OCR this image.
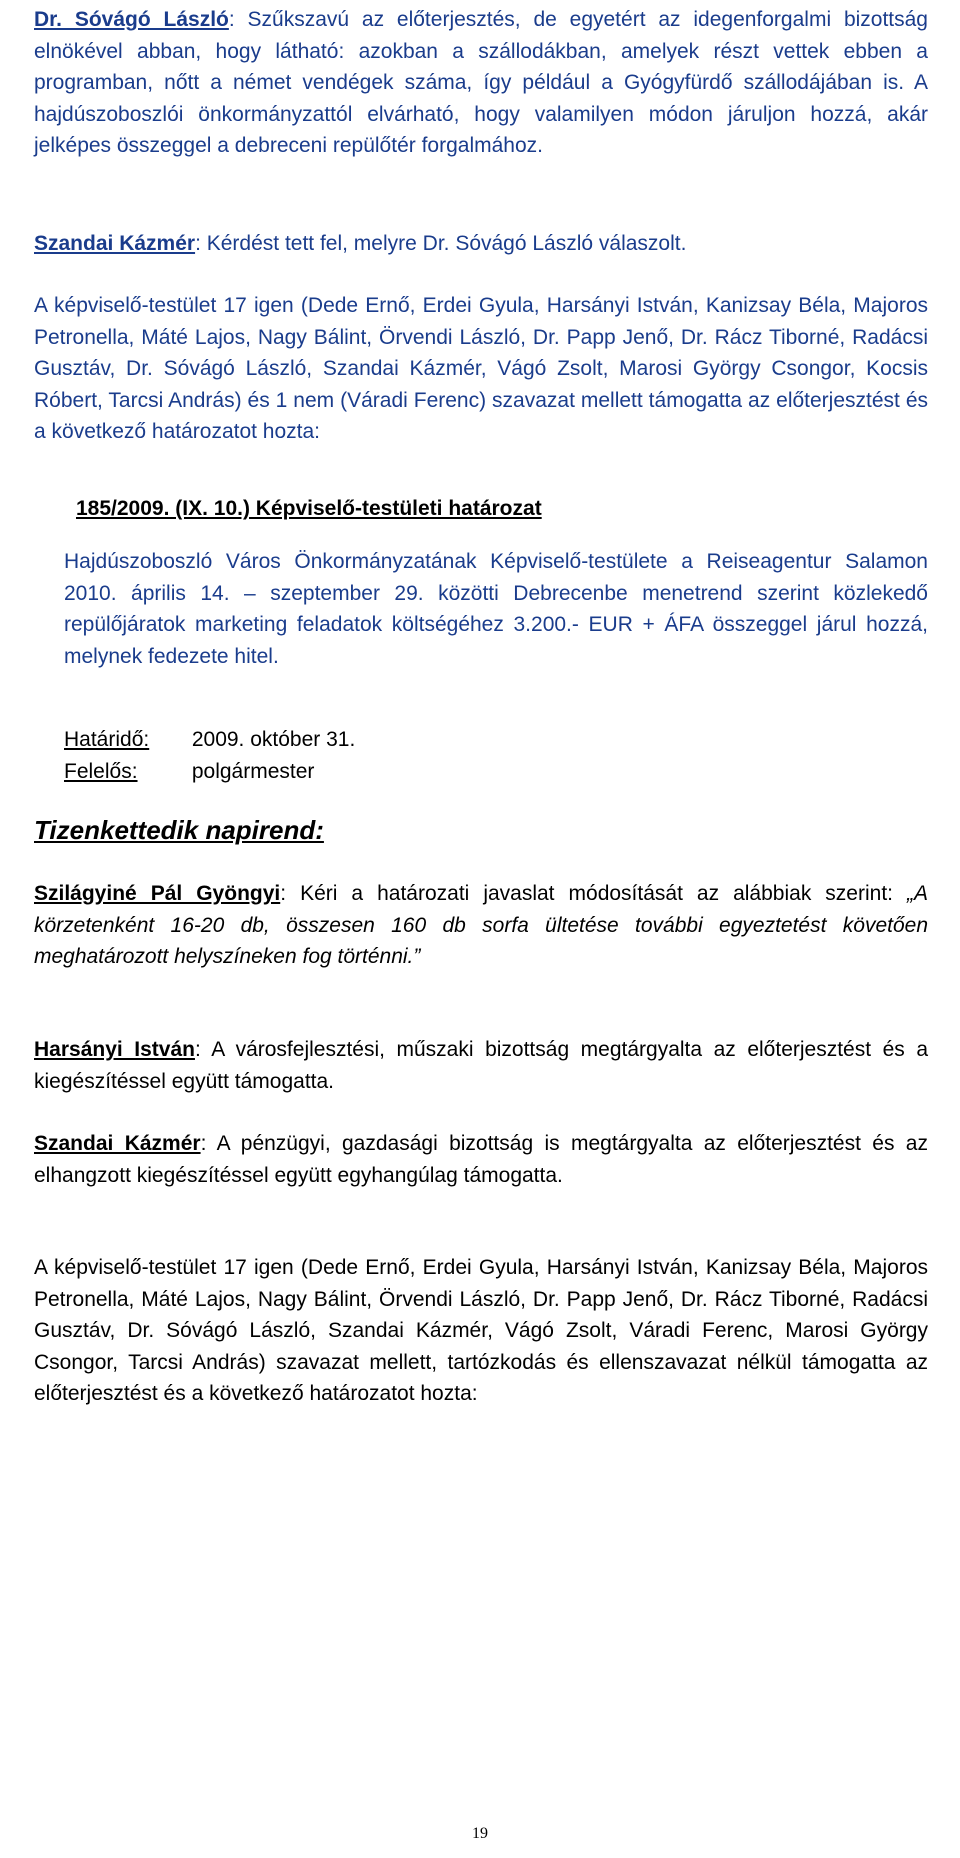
Dr. Sóvágó László: Szűkszavú az előterjesztés, de egyetért az idegenforgalmi bizottság elnökével abban, hogy látható: azokban a szállodákban, amelyek részt vettek ebben a programban, nőtt a német vendégek száma, így például a Gyógyfürdő szállodájában is. A hajdúszoboszlói önkormányzattól elvárható, hogy valamilyen módon járuljon hozzá, akár jelképes összeggel a debreceni repülőtér forgalmához.

Szandai Kázmér: Kérdést tett fel, melyre Dr. Sóvágó László válaszolt.

A képviselő-testület 17 igen (Dede Ernő, Erdei Gyula, Harsányi István, Kanizsay Béla, Majoros Petronella, Máté Lajos, Nagy Bálint, Örvendi László, Dr. Papp Jenő, Dr. Rácz Tiborné, Radácsi Gusztáv, Dr. Sóvágó László, Szandai Kázmér, Vágó Zsolt, Marosi György Csongor, Kocsis Róbert, Tarcsi András) és 1 nem (Váradi Ferenc) szavazat mellett támogatta az előterjesztést és a következő határozatot hozta:

185/2009. (IX. 10.) Képviselő-testületi határozat

Hajdúszoboszló Város Önkormányzatának Képviselő-testülete a Reiseagentur Salamon 2010. április 14. – szeptember 29. közötti Debrecenbe menetrend szerint közlekedő repülőjáratok marketing feladatok költségéhez 3.200.- EUR + ÁFA összeggel járul hozzá, melynek fedezete hitel.

Határidő: 2009. október 31.
Felelős:	polgármester
Tizenkettedik napirend:

Szilágyiné Pál Gyöngyi: Kéri a határozati javaslat módosítását az alábbiak szerint: „A körzetenként 16-20 db, összesen 160 db sorfa ültetése további egyeztetést követően meghatározott helyszíneken fog történni.”

Harsányi István: A városfejlesztési, műszaki bizottság megtárgyalta az előterjesztést és a kiegészítéssel együtt támogatta.

Szandai Kázmér: A pénzügyi, gazdasági bizottság is megtárgyalta az előterjesztést és az elhangzott kiegészítéssel együtt egyhangúlag támogatta.

A képviselő-testület 17 igen (Dede Ernő, Erdei Gyula, Harsányi István, Kanizsay Béla, Majoros Petronella, Máté Lajos, Nagy Bálint, Örvendi László, Dr. Papp Jenő, Dr. Rácz Tiborné, Radácsi Gusztáv, Dr. Sóvágó László, Szandai Kázmér, Vágó Zsolt, Váradi Ferenc, Marosi György Csongor, Tarcsi András) szavazat mellett, tartózkodás és ellenszavazat nélkül támogatta az előterjesztést és a következő határozatot hozta:

19
